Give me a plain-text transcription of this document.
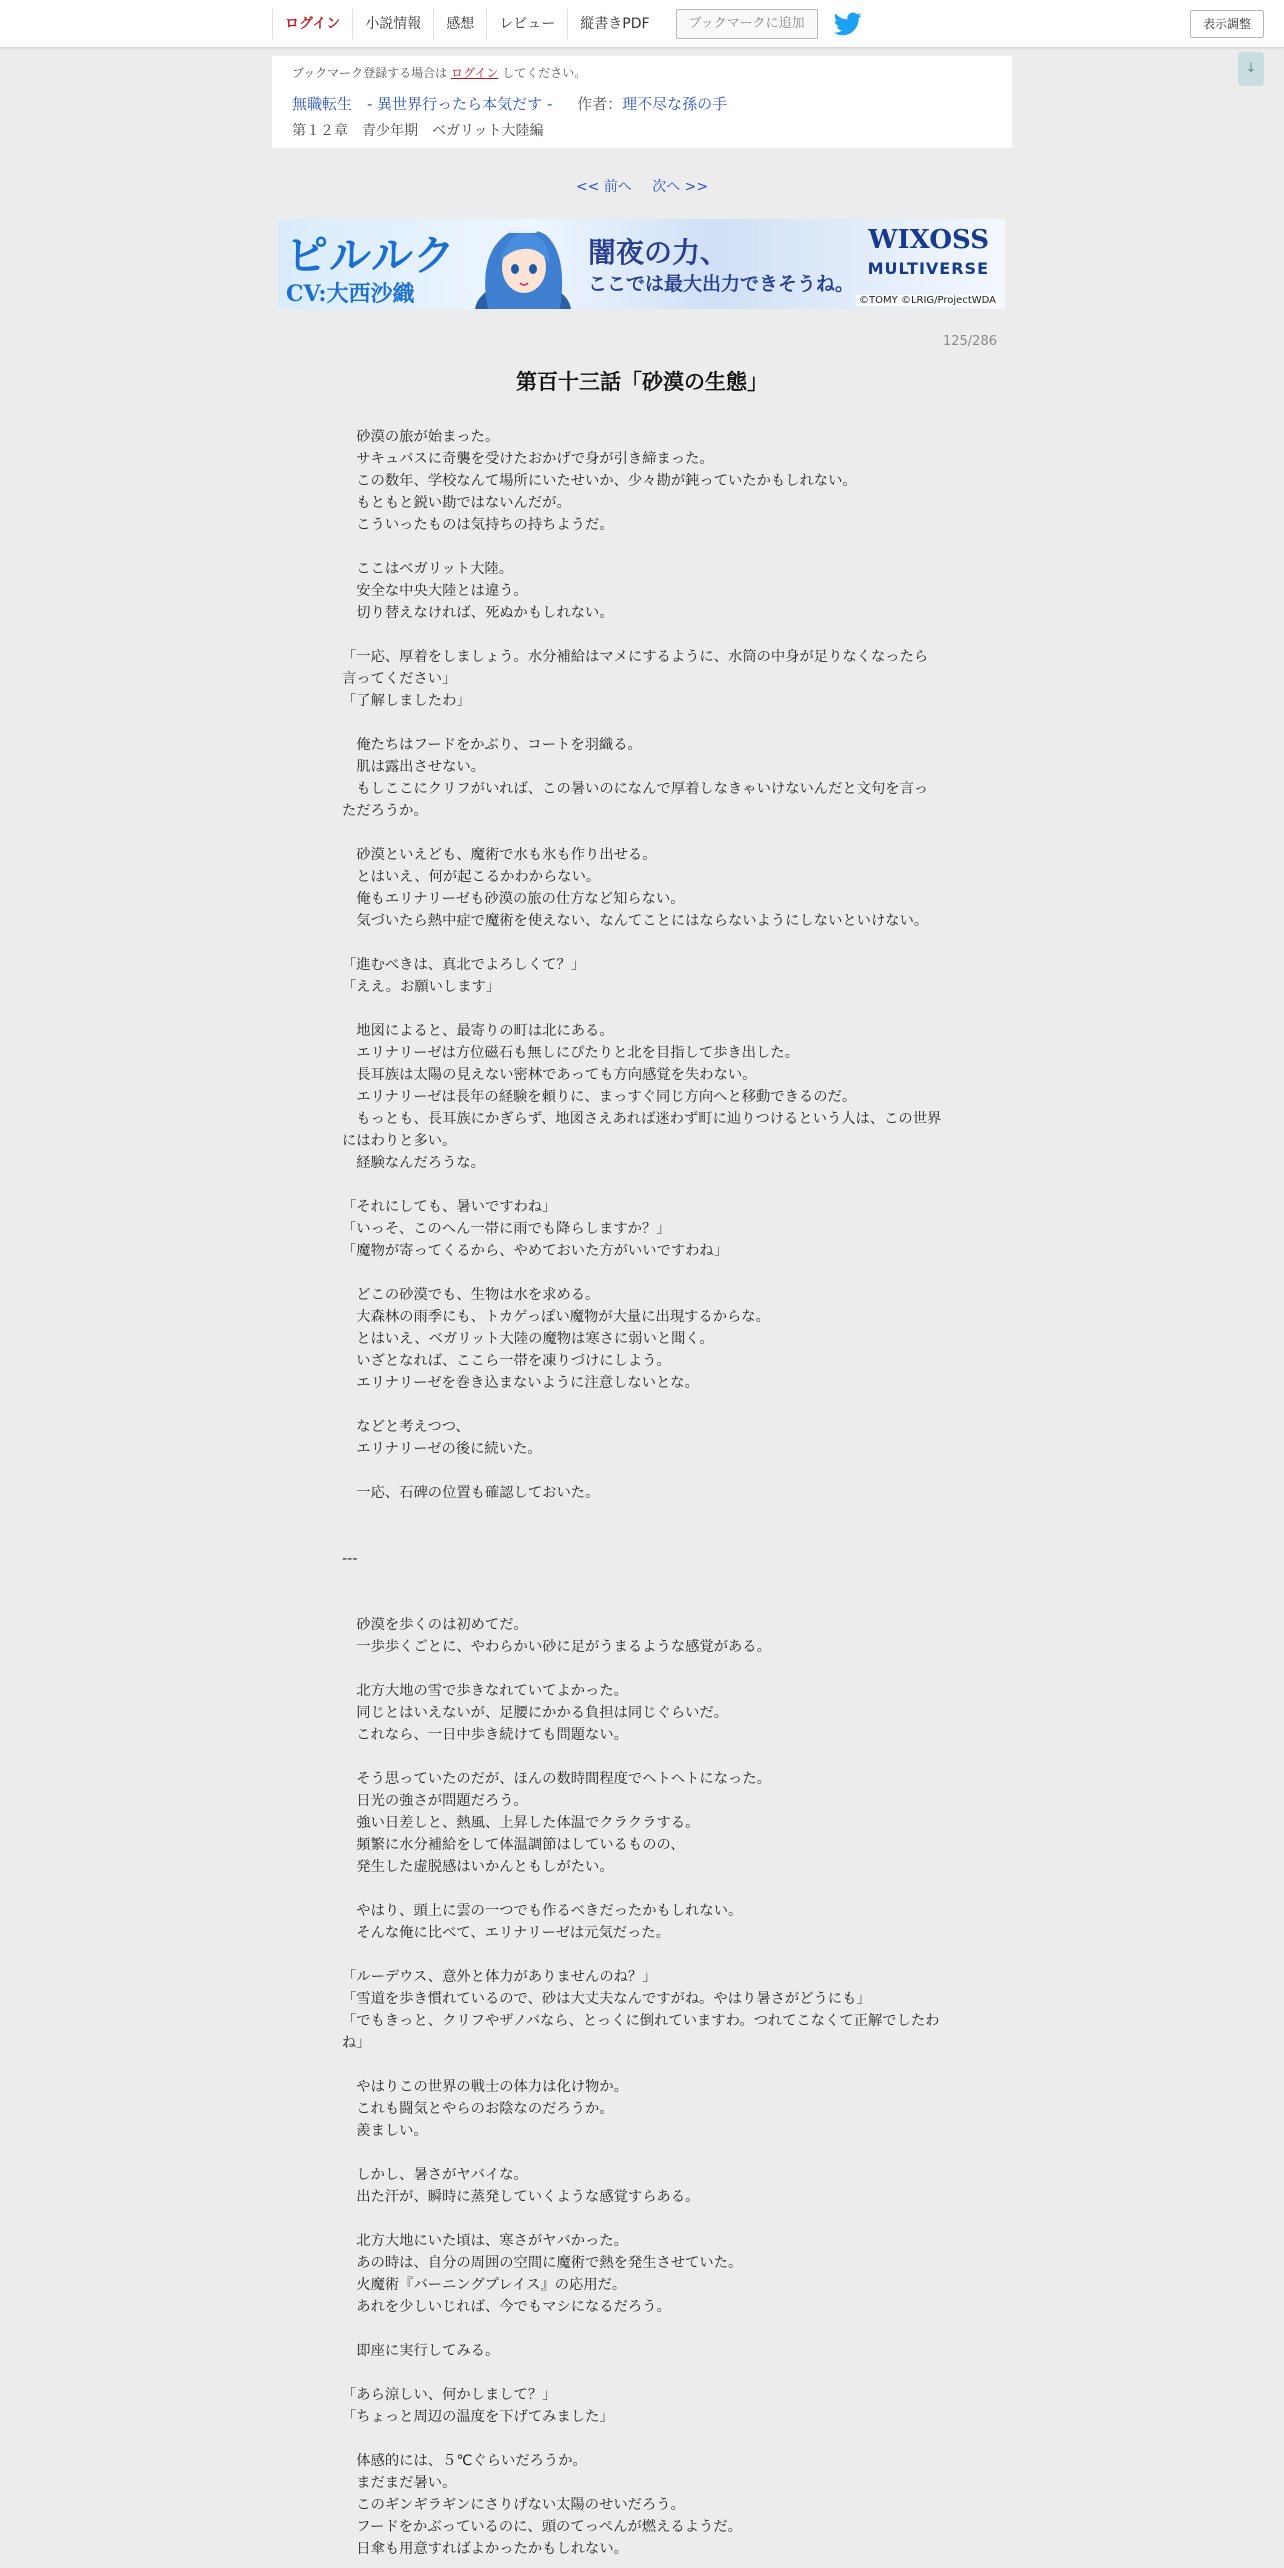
ログイン	小説情報	感想	レビュー	縦書きPDF	ブックマークに追加	表示調整
↓
ブックマーク登録する場合は ログイン してください。
無職転生　- 異世界行ったら本気だす - 作者：理不尽な孫の手
第１２章　青少年期　ベガリット大陸編
<< 前へ 次へ >>
ピルルク
CV:大西沙織
闇夜の力、
ここでは最大出力できそうね。
WIXOSS
MULTIVERSE
©TOMY ©LRIG/ProjectWDA
125/286
第百十三話「砂漠の生態」

　砂漠の旅が始まった。

　サキュバスに奇襲を受けたおかげで身が引き締まった。

　この数年、学校なんて場所にいたせいか、少々勘が鈍っていたかもしれない。

　もともと鋭い勘ではないんだが。

　こういったものは気持ちの持ちようだ。

　ここはベガリット大陸。

　安全な中央大陸とは違う。

　切り替えなければ、死ぬかもしれない。

「一応、厚着をしましょう。水分補給はマメにするように、水筒の中身が足りなくなったら言ってください」

「了解しましたわ」

　俺たちはフードをかぶり、コートを羽織る。

　肌は露出させない。

　もしここにクリフがいれば、この暑いのになんで厚着しなきゃいけないんだと文句を言っただろうか。

　砂漠といえども、魔術で水も氷も作り出せる。

　とはいえ、何が起こるかわからない。

　俺もエリナリーゼも砂漠の旅の仕方など知らない。

　気づいたら熱中症で魔術を使えない、なんてことにはならないようにしないといけない。

「進むべきは、真北でよろしくて？」

「ええ。お願いします」

　地図によると、最寄りの町は北にある。

　エリナリーゼは方位磁石も無しにぴたりと北を目指して歩き出した。

　長耳族は太陽の見えない密林であっても方向感覚を失わない。

　エリナリーゼは長年の経験を頼りに、まっすぐ同じ方向へと移動できるのだ。

　もっとも、長耳族にかぎらず、地図さえあれば迷わず町に辿りつけるという人は、この世界にはわりと多い。

　経験なんだろうな。

「それにしても、暑いですわね」

「いっそ、このへん一帯に雨でも降らしますか？」

「魔物が寄ってくるから、やめておいた方がいいですわね」

　どこの砂漠でも、生物は水を求める。

　大森林の雨季にも、トカゲっぽい魔物が大量に出現するからな。

　とはいえ、ベガリット大陸の魔物は寒さに弱いと聞く。

　いざとなれば、ここら一帯を凍りづけにしよう。

　エリナリーゼを巻き込まないように注意しないとな。

　などと考えつつ、

　エリナリーゼの後に続いた。

　一応、石碑の位置も確認しておいた。

---

　砂漠を歩くのは初めてだ。

　一歩歩くごとに、やわらかい砂に足がうまるような感覚がある。

　北方大地の雪で歩きなれていてよかった。

　同じとはいえないが、足腰にかかる負担は同じぐらいだ。

　これなら、一日中歩き続けても問題ない。

　そう思っていたのだが、ほんの数時間程度でヘトヘトになった。

　日光の強さが問題だろう。

　強い日差しと、熱風、上昇した体温でクラクラする。

　頻繁に水分補給をして体温調節はしているものの、

　発生した虚脱感はいかんともしがたい。

　やはり、頭上に雲の一つでも作るべきだったかもしれない。

　そんな俺に比べて、エリナリーゼは元気だった。

「ルーデウス、意外と体力がありませんのね？」

「雪道を歩き慣れているので、砂は大丈夫なんですがね。やはり暑さがどうにも」

「でもきっと、クリフやザノバなら、とっくに倒れていますわ。つれてこなくて正解でしたわね」

　やはりこの世界の戦士の体力は化け物か。

　これも闘気とやらのお陰なのだろうか。

　羨ましい。

　しかし、暑さがヤバイな。

　出た汗が、瞬時に蒸発していくような感覚すらある。

　北方大地にいた頃は、寒さがヤバかった。

　あの時は、自分の周囲の空間に魔術で熱を発生させていた。

　火魔術『バーニングプレイス』の応用だ。

　あれを少しいじれば、今でもマシになるだろう。

　即座に実行してみる。

「あら涼しい、何かしまして？」

「ちょっと周辺の温度を下げてみました」

　体感的には、５℃ぐらいだろうか。

　まだまだ暑い。

　このギンギラギンにさりげない太陽のせいだろう。

　フードをかぶっているのに、頭のてっぺんが燃えるようだ。

　日傘も用意すればよかったかもしれない。
